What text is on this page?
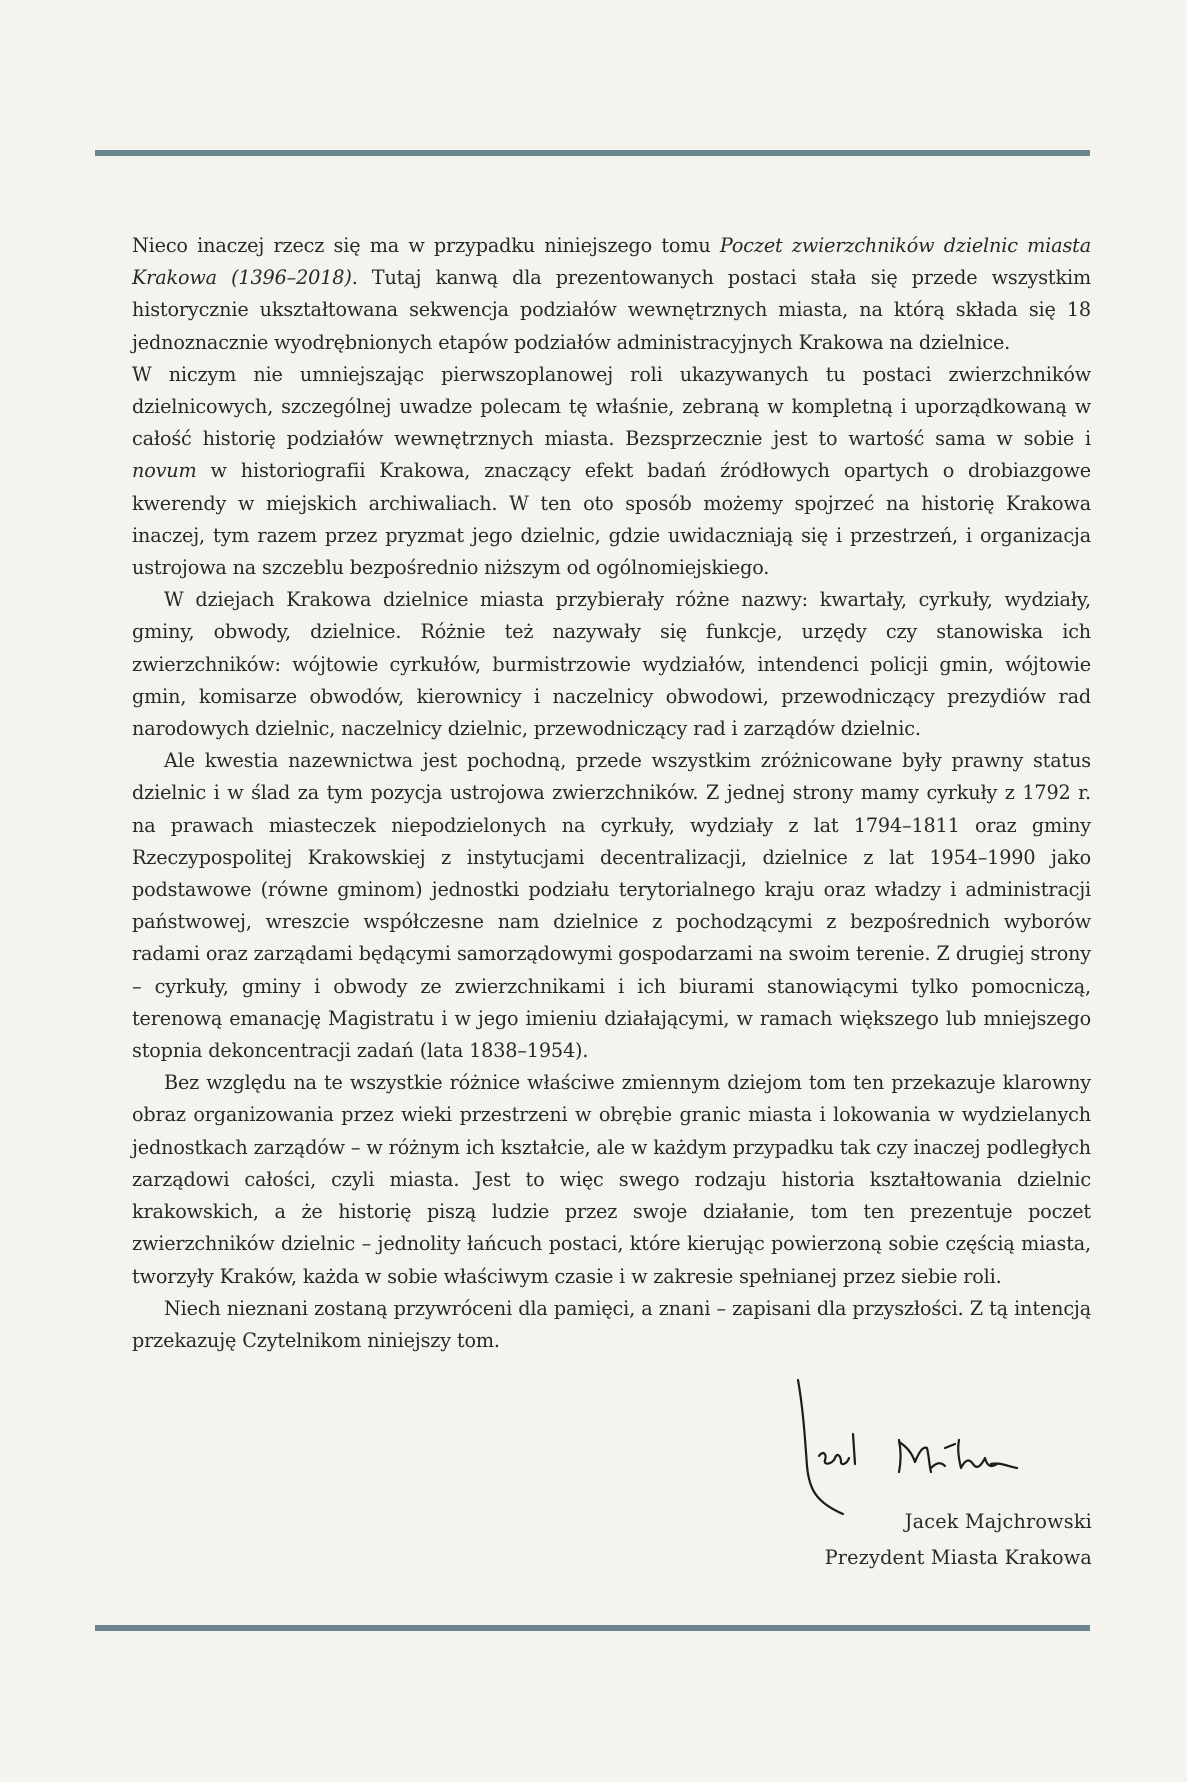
Nieco inaczej rzecz się ma w przypadku niniejszego tomu Poczet zwierzchników dzielnic miasta Krakowa (1396–2018). Tutaj kanwą dla prezentowanych postaci stała się przede wszystkim historycznie ukształtowana sekwencja podziałów wewnętrznych miasta, na którą składa się 18 jednoznacznie wyodrębnionych etapów podziałów administracyjnych Krakowa na dzielnice.

W niczym nie umniejszając pierwszoplanowej roli ukazywanych tu postaci zwierzchników dzielnicowych, szczególnej uwadze polecam tę właśnie, zebraną w kompletną i uporządkowaną w całość historię podziałów wewnętrznych miasta. Bezsprzecznie jest to wartość sama w sobie i novum w historiografii Krakowa, znaczący efekt badań źródłowych opartych o drobiazgowe kwerendy w miejskich archiwaliach. W ten oto sposób możemy spojrzeć na historię Krakowa inaczej, tym razem przez pryzmat jego dzielnic, gdzie uwidaczniają się i przestrzeń, i organizacja ustrojowa na szczeblu bezpośrednio niższym od ogólnomiejskiego.

W dziejach Krakowa dzielnice miasta przybierały różne nazwy: kwartały, cyrkuły, wydziały, gminy, obwody, dzielnice. Różnie też nazywały się funkcje, urzędy czy stanowiska ich zwierzchników: wójtowie cyrkułów, burmistrzowie wydziałów, intendenci policji gmin, wójtowie gmin, komisarze obwodów, kierownicy i naczelnicy obwodowi, przewodniczący prezydiów rad narodowych dzielnic, naczelnicy dzielnic, przewodniczący rad i zarządów dzielnic.

Ale kwestia nazewnictwa jest pochodną, przede wszystkim zróżnicowane były prawny status dzielnic i w ślad za tym pozycja ustrojowa zwierzchników. Z jednej strony mamy cyrkuły z 1792 r. na prawach miasteczek niepodzielonych na cyrkuły, wydziały z lat 1794–1811 oraz gminy Rzeczypospolitej Krakowskiej z instytucjami decentralizacji, dzielnice z lat 1954–1990 jako podstawowe (równe gminom) jednostki podziału terytorialnego kraju oraz władzy i administracji państwowej, wreszcie współczesne nam dzielnice z pochodzącymi z bezpośrednich wyborów radami oraz zarządami będącymi samorządowymi gospodarzami na swoim terenie. Z drugiej strony – cyrkuły, gminy i obwody ze zwierzchnikami i ich biurami stanowiącymi tylko pomocniczą, terenową emanację Magistratu i w jego imieniu działającymi, w ramach większego lub mniejszego stopnia dekoncentracji zadań (lata 1838–1954).

Bez względu na te wszystkie różnice właściwe zmiennym dziejom tom ten przekazuje klarowny obraz organizowania przez wieki przestrzeni w obrębie granic miasta i lokowania w wydzielanych jednostkach zarządów – w różnym ich kształcie, ale w każdym przypadku tak czy inaczej podległych zarządowi całości, czyli miasta. Jest to więc swego rodzaju historia kształtowania dzielnic krakowskich, a że historię piszą ludzie przez swoje działanie, tom ten prezentuje poczet zwierzchników dzielnic – jednolity łańcuch postaci, które kierując powierzoną sobie częścią miasta, tworzyły Kraków, każda w sobie właściwym czasie i w zakresie spełnianej przez siebie roli.

Niech nieznani zostaną przywróceni dla pamięci, a znani – zapisani dla przyszłości. Z tą intencją przekazuję Czytelnikom niniejszy tom.

Jacek Majchrowski
Prezydent Miasta Krakowa
